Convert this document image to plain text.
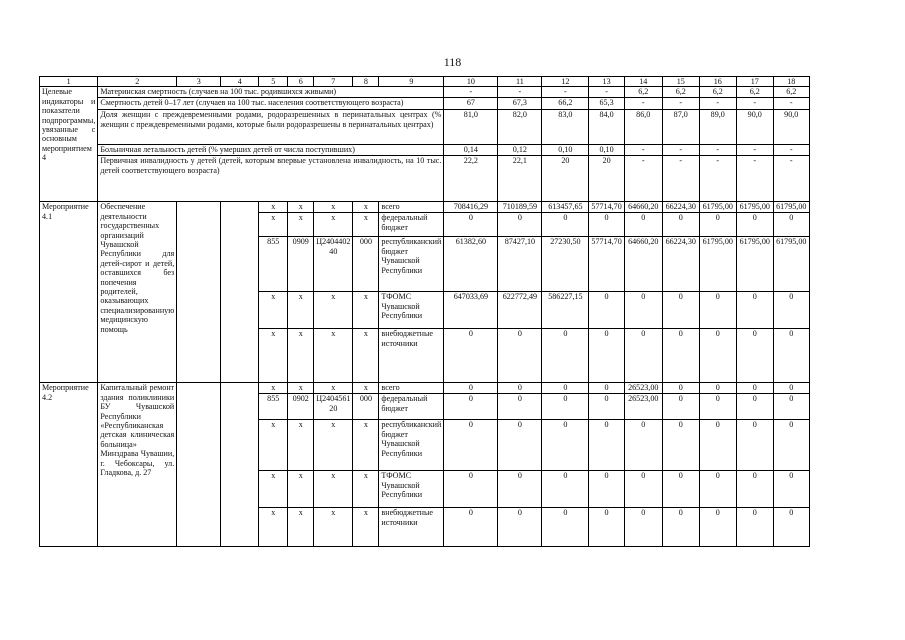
118
1	2	3	4	5	6	7	8	9	10	11	12	13	14	15	16	17	18
Целевые индикаторы и показатели подпрограммы, увязанные с основным мероприятием 4	Материнская смертность (случаев на 100 тыс. родившихся живыми)								-	-	-	-	6,2	6,2	6,2	6,2	6,2
	Смертность детей 0–17 лет (случаев на 100 тыс. населения соответствующего возраста)								67	67,3	66,2	65,3	-	-	-	-	-
	Доля женщин с преждевременными родами, родоразрешенных в перинатальных центрах (% женщин с преждевременными родами, которые были родоразрешены в перинатальных центрах)								81,0	82,0	83,0	84,0	86,0	87,0	89,0	90,0	90,0
	Больничная летальность детей (% умерших детей от числа поступивших)								0,14	0,12	0,10	0,10	-	-	-	-	-
	Первичная инвалидность у детей (детей, которым впервые установлена инвалидность, на 10 тыс. детей соответствующего возраста)								22,2	22,1	20	20	-	-	-	-	-
Мероприятие 4.1	Обеспечение деятельности государственных организаций Чувашской Республики для детей-сирот и детей, оставшихся без попечения родителей, оказывающих специализированную медицинскую помощь			x	x	x	x	всего	708416,29	710189,59	613457,65	57714,70	64660,20	66224,30	61795,00	61795,00	61795,00
				x	x	x	x	федеральный бюджет	0	0	0	0	0	0	0	0	0
				855	0909	Ц2404402 40	000	республиканский бюджет Чувашской Республики	61382,60	87427,10	27230,50	57714,70	64660,20	66224,30	61795,00	61795,00	61795,00
				x	x	x	x	ТФОМС Чувашской Республики	647033,69	622772,49	586227,15	0	0	0	0	0	0
				x	x	x	x	внебюджетные источники	0	0	0	0	0	0	0	0	0
Мероприятие 4.2	Капитальный ремонт здания поликлиники БУ Чувашской Республики «Республиканская детская клиническая больница» Минздрава Чувашии, г. Чебоксары, ул. Гладкова, д. 27			x	x	x	x	всего	0	0	0	0	26523,00	0	0	0	0
				855	0902	Ц2404561 20	000	федеральный бюджет	0	0	0	0	26523,00	0	0	0	0
				x	x	x	x	республиканский бюджет Чувашской Республики	0	0	0	0	0	0	0	0	0
				x	x	x	x	ТФОМС Чувашской Республики	0	0	0	0	0	0	0	0	0
				x	x	x	x	внебюджетные источники	0	0	0	0	0	0	0	0	0
